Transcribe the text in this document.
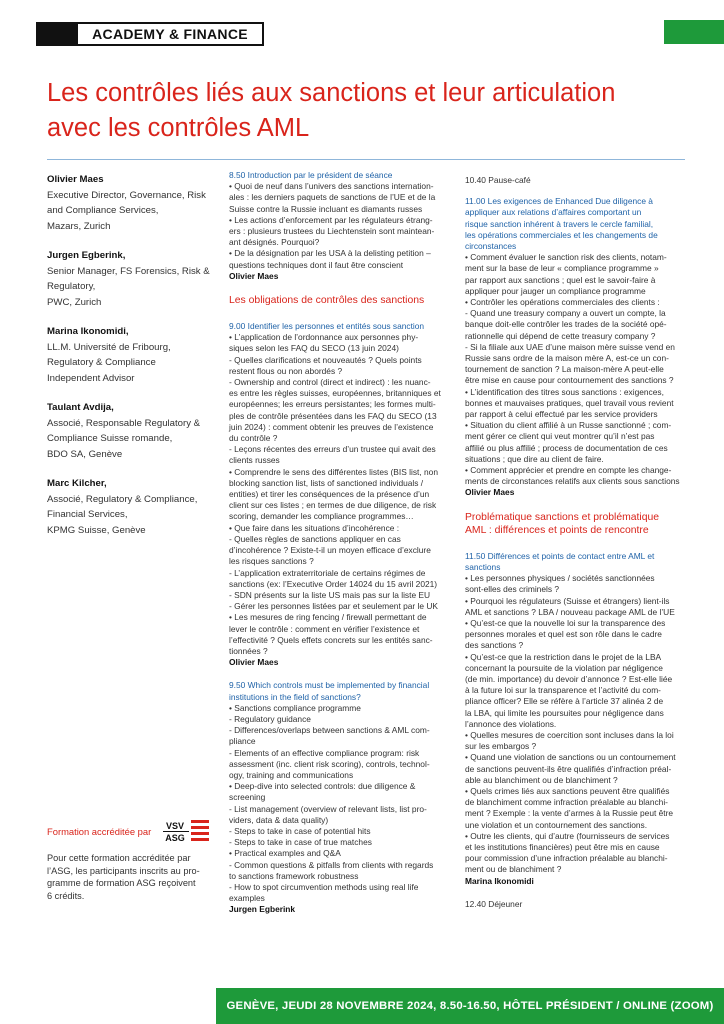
ACADEMY & FINANCE
Les contrôles liés aux sanctions et leur articulation
avec les contrôles AML
Olivier Maes
Executive Director, Governance, Risk
and Compliance Services,
Mazars, Zurich
Jurgen Egberink,
Senior Manager, FS Forensics, Risk &
Regulatory,
PWC, Zurich
Marina Ikonomidi,
LL.M. Université de Fribourg,
Regulatory & Compliance
Independent Advisor
Taulant Avdija,
Associé, Responsable Regulatory &
Compliance Suisse romande,
BDO SA, Genève
Marc Kilcher,
Associé, Regulatory & Compliance,
Financial Services,
KPMG Suisse, Genève
Formation accréditée par VSV
ASG
Pour cette formation accréditée par
l’ASG, les participants inscrits au pro-
gramme de formation ASG reçoivent
6 crédits.
8.50 Introduction par le président de séance
• Quoi de neuf dans l’univers des sanctions internation-
ales : les derniers paquets de sanctions de l’UE et de la
Suisse contre la Russie incluant es diamants russes
• Les actions d’enforcement par les régulateurs étrang-
ers : plusieurs trustees du Liechtenstein sont maintean-
ant désignés. Pourquoi?
• De la désignation par les USA à la delisting petition –
questions techniques dont il faut être conscient
Olivier Maes
Les obligations de contrôles des sanctions
9.00 Identifier les personnes et entités sous sanction
• L’application de l’ordonnance aux personnes phy-
siques selon les FAQ du SECO (13 juin 2024)
- Quelles clarifications et nouveautés ? Quels points
restent flous ou non abordés ?
- Ownership and control (direct et indirect) : les nuanc-
es entre les règles suisses, européennes, britanniques et
européennes; les erreurs persistantes; les formes multi-
ples de contrôle présentées dans les FAQ du SECO (13
juin 2024) : comment obtenir les preuves de l’existence
du contrôle ?
- Leçons récentes des erreurs d’un trustee qui avait des
clients russes
• Comprendre le sens des différentes listes (BIS list, non
blocking sanction list, lists of sanctioned individuals /
entities) et tirer les conséquences de la présence d’un
client sur ces listes ; en termes de due diligence, de risk
scoring, demander les compliance programmes…
• Que faire dans les situations d’incohérence :
- Quelles règles de sanctions appliquer en cas
d’incohérence ? Existe-t-il un moyen efficace d’exclure
les risques sanctions ?
- L’application extraterritoriale de certains régimes de
sanctions (ex: l’Executive Order 14024 du 15 avril 2021)
- SDN présents sur la liste US mais pas sur la liste EU
- Gérer les personnes listées par et seulement par le UK
• Les mesures de ring fencing / firewall permettant de
lever le contrôle : comment en vérifier l’existence et
l’effectivité ? Quels effets concrets sur les entités sanc-
tionnées ?
Olivier Maes
9.50 Which controls must be implemented by financial
institutions in the field of sanctions?
• Sanctions compliance programme
- Regulatory guidance
- Differences/overlaps between sanctions & AML com-
pliance
- Elements of an effective compliance program: risk
assessment (inc. client risk scoring), controls, technol-
ogy, training and communications
• Deep-dive into selected controls: due diligence &
screening
- List management (overview of relevant lists, list pro-
viders, data & data quality)
- Steps to take in case of potential hits
- Steps to take in case of true matches
• Practical examples and Q&A
- Common questions & pitfalls from clients with regards
to sanctions framework robustness
- How to spot circumvention methods using real life
examples
Jurgen Egberink
10.40 Pause-café
11.00 Les exigences de Enhanced Due diligence à
appliquer aux relations d’affaires comportant un
risque sanction inhérent à travers le cercle familial,
les opérations commerciales et les changements de
circonstances
• Comment évaluer le sanction risk des clients, notam-
ment sur la base de leur « compliance programme »
par rapport aux sanctions ; quel est le savoir-faire à
appliquer pour jauger un compliance programme
• Contrôler les opérations commerciales des clients :
- Quand une treasury company a ouvert un compte, la
banque doit-elle contrôler les trades de la société opé-
rationnelle qui dépend de cette treasury company ?
- Si la filiale aux UAE d’une maison mère suisse vend en
Russie sans ordre de la maison mère A, est-ce un con-
tournement de sanction ? La maison-mère A peut-elle
être mise en cause pour contournement des sanctions ?
• L’identification des titres sous sanctions : exigences,
bonnes et mauvaises pratiques, quel travail vous revient
par rapport à celui effectué par les service providers
• Situation du client affilié à un Russe sanctionné ; com-
ment gérer ce client qui veut montrer qu’il n’est pas
affilié ou plus affilié ; process de documentation de ces
situations ; que dire au client de faire.
• Comment apprécier et prendre en compte les change-
ments de circonstances relatifs aux clients sous sanctions
Olivier Maes
Problématique sanctions et problématique
AML : différences et points de rencontre
11.50 Différences et points de contact entre AML et
sanctions
• Les personnes physiques / sociétés sanctionnées
sont-elles des criminels ?
• Pourquoi les régulateurs (Suisse et étrangers) lient-ils
AML et sanctions ? LBA / nouveau package AML de l’UE
• Qu’est-ce que la nouvelle loi sur la transparence des
personnes morales et quel est son rôle dans le cadre
des sanctions ?
• Qu’est-ce que la restriction dans le projet de la LBA
concernant la poursuite de la violation par négligence
(de min. importance) du devoir d’annonce ? Est-elle liée
à la future loi sur la transparence et l’activité du com-
pliance officer? Elle se réfère à l’article 37 alinéa 2 de
la LBA, qui limite les poursuites pour négligence dans
l’annonce des violations.
• Quelles mesures de coercition sont incluses dans la loi
sur les embargos ?
• Quand une violation de sanctions ou un contournement
de sanctions peuvent-ils être qualifiés d’infraction préal-
able au blanchiment ou de blanchiment ?
• Quels crimes liés aux sanctions peuvent être qualifiés
de blanchiment comme infraction préalable au blanchi-
ment ? Exemple : la vente d’armes à la Russie peut être
une violation et un contournement des sanctions.
• Outre les clients, qui d’autre (fournisseurs de services
et les institutions financières) peut être mis en cause
pour commission d’une infraction préalable au blanchi-
ment ou de blanchiment ?
Marina Ikonomidi
12.40 Déjeuner
GENÈVE, JEUDI 28 NOVEMBRE 2024, 8.50-16.50, HÔTEL PRÉSIDENT / ONLINE (ZOOM)
